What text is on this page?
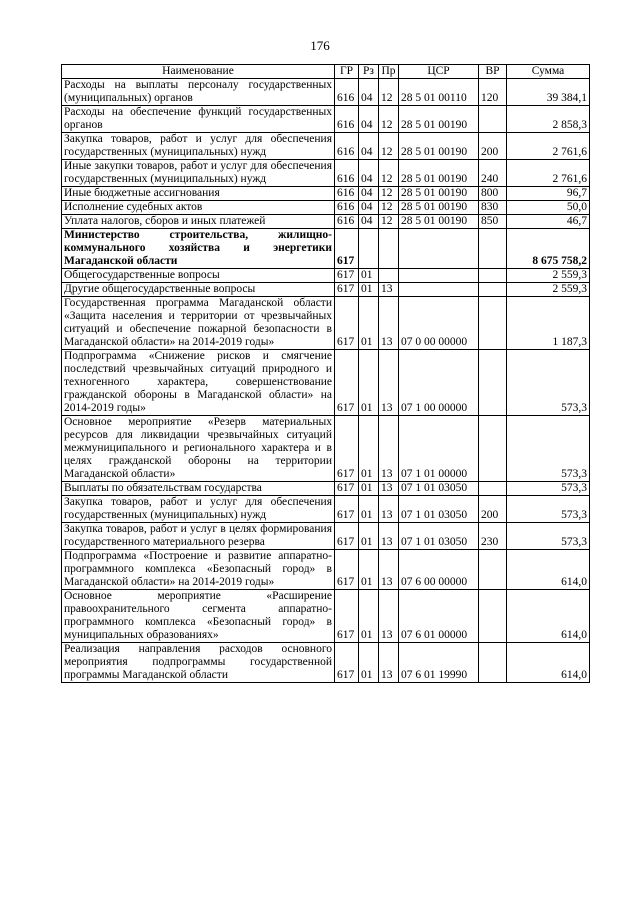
176
Наименование	ГР	Рз	Пр	ЦСР	ВР	Сумма
Расходы на выплаты персоналу государственных (муниципальных) органов	616	04	12	28 5 01 00110	120	39 384,1
Расходы на обеспечение функций государственных органов	616	04	12	28 5 01 00190		2 858,3
Закупка товаров, работ и услуг для обеспечения государственных (муниципальных) нужд	616	04	12	28 5 01 00190	200	2 761,6
Иные закупки товаров, работ и услуг для обеспечения государственных (муниципальных) нужд	616	04	12	28 5 01 00190	240	2 761,6
Иные бюджетные ассигнования	616	04	12	28 5 01 00190	800	96,7
Исполнение судебных актов	616	04	12	28 5 01 00190	830	50,0
Уплата налогов, сборов и иных платежей	616	04	12	28 5 01 00190	850	46,7
Министерство строительства, жилищно-коммунального хозяйства и энергетики Магаданской области	617					8 675 758,2
Общегосударственные вопросы	617	01				2 559,3
Другие общегосударственные вопросы	617	01	13			2 559,3
Государственная программа Магаданской области «Защита населения и территории от чрезвычайных ситуаций и обеспечение пожарной безопасности в Магаданской области» на 2014-2019 годы»	617	01	13	07 0 00 00000		1 187,3
Подпрограмма «Снижение рисков и смягчение последствий чрезвычайных ситуаций природного и техногенного характера, совершенствование гражданской обороны в Магаданской области» на 2014-2019 годы»	617	01	13	07 1 00 00000		573,3
Основное мероприятие «Резерв материальных ресурсов для ликвидации чрезвычайных ситуаций межмуниципального и регионального характера и в целях гражданской обороны на территории Магаданской области»	617	01	13	07 1 01 00000		573,3
Выплаты по обязательствам государства	617	01	13	07 1 01 03050		573,3
Закупка товаров, работ и услуг для обеспечения государственных (муниципальных) нужд	617	01	13	07 1 01 03050	200	573,3
Закупка товаров, работ и услуг в целях формирования государственного материального резерва	617	01	13	07 1 01 03050	230	573,3
Подпрограмма «Построение и развитие аппаратно-программного комплекса «Безопасный город» в Магаданской области» на 2014-2019 годы»	617	01	13	07 6 00 00000		614,0
Основное мероприятие «Расширение правоохранительного сегмента аппаратно-программного комплекса «Безопасный город» в муниципальных образованиях»	617	01	13	07 6 01 00000		614,0
Реализация направления расходов основного мероприятия подпрограммы государственной программы Магаданской области	617	01	13	07 6 01 19990		614,0
